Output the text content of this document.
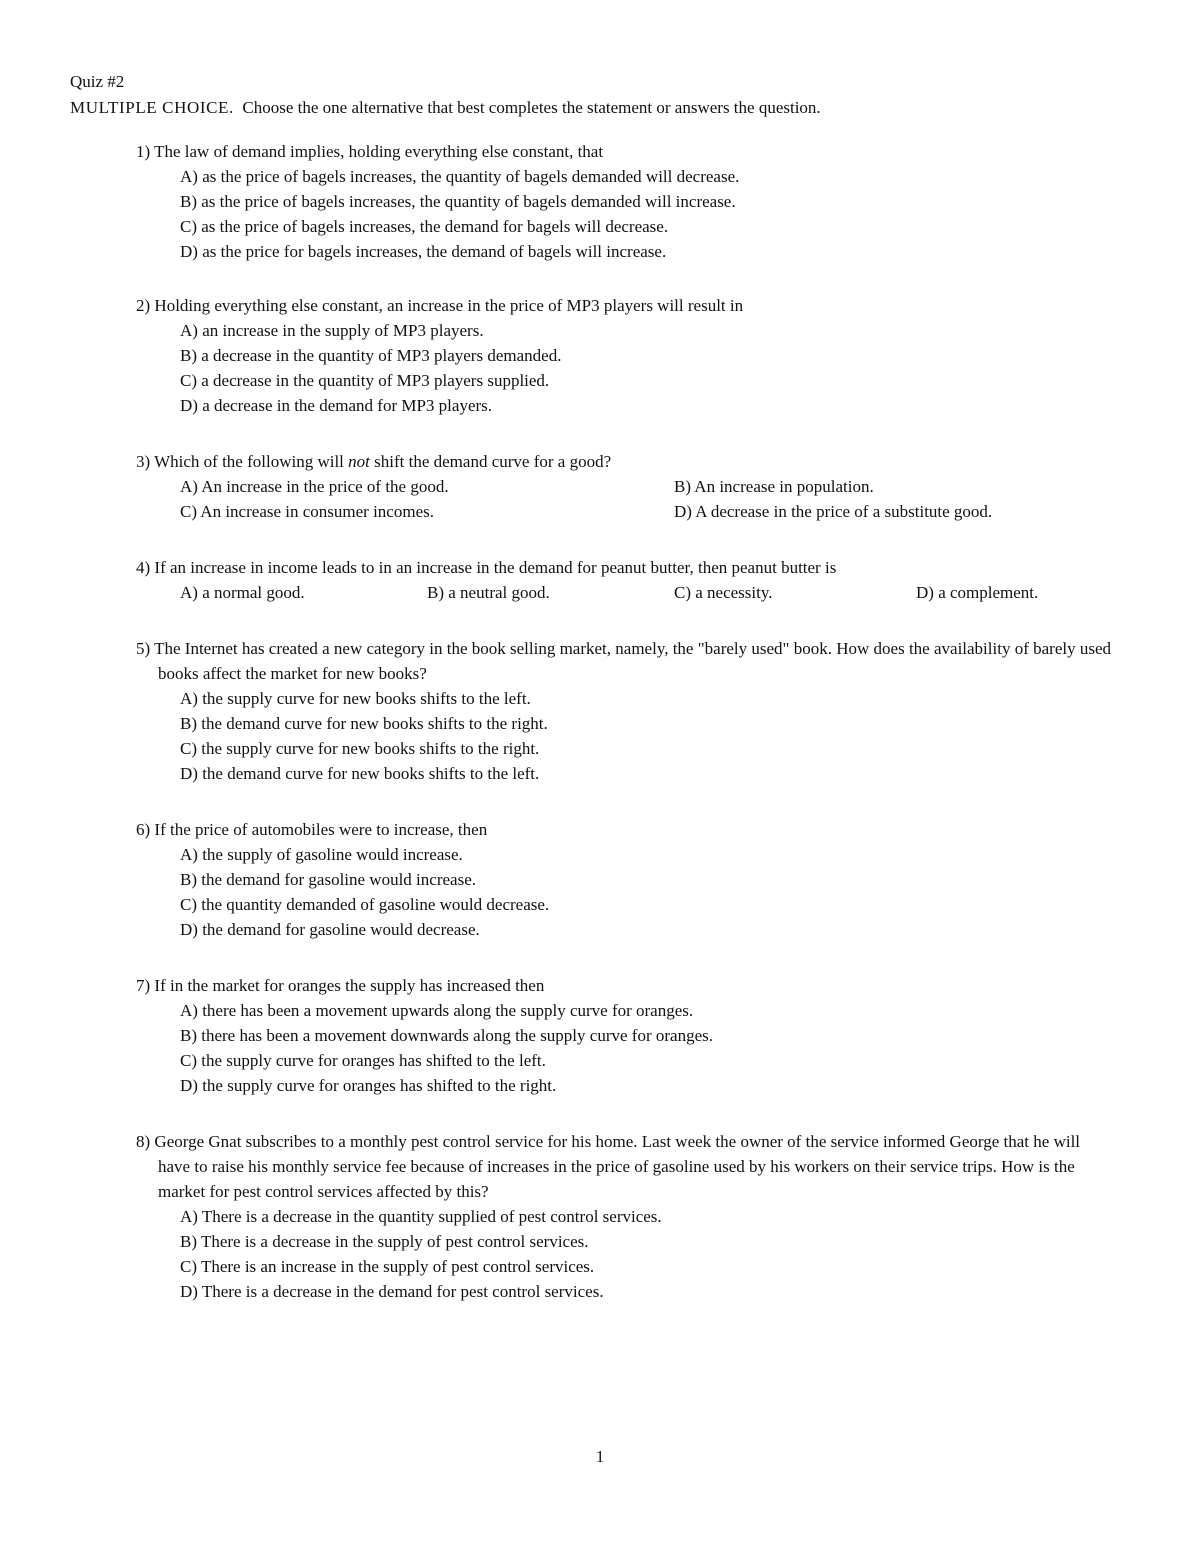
Quiz #2
MULTIPLE CHOICE. Choose the one alternative that best completes the statement or answers the question.
1) The law of demand implies, holding everything else constant, that
A) as the price of bagels increases, the quantity of bagels demanded will decrease.
B) as the price of bagels increases, the quantity of bagels demanded will increase.
C) as the price of bagels increases, the demand for bagels will decrease.
D) as the price for bagels increases, the demand of bagels will increase.
2) Holding everything else constant, an increase in the price of MP3 players will result in
A) an increase in the supply of MP3 players.
B) a decrease in the quantity of MP3 players demanded.
C) a decrease in the quantity of MP3 players supplied.
D) a decrease in the demand for MP3 players.
3) Which of the following will not shift the demand curve for a good?
A) An increase in the price of the good.	B) An increase in population.
C) An increase in consumer incomes.	D) A decrease in the price of a substitute good.
4) If an increase in income leads to in an increase in the demand for peanut butter, then peanut butter is
A) a normal good.	B) a neutral good.	C) a necessity.	D) a complement.
5) The Internet has created a new category in the book selling market, namely, the "barely used" book. How does the availability of barely used books affect the market for new books?
A) the supply curve for new books shifts to the left.
B) the demand curve for new books shifts to the right.
C) the supply curve for new books shifts to the right.
D) the demand curve for new books shifts to the left.
6) If the price of automobiles were to increase, then
A) the supply of gasoline would increase.
B) the demand for gasoline would increase.
C) the quantity demanded of gasoline would decrease.
D) the demand for gasoline would decrease.
7) If in the market for oranges the supply has increased then
A) there has been a movement upwards along the supply curve for oranges.
B) there has been a movement downwards along the supply curve for oranges.
C) the supply curve for oranges has shifted to the left.
D) the supply curve for oranges has shifted to the right.
8) George Gnat subscribes to a monthly pest control service for his home. Last week the owner of the service informed George that he will have to raise his monthly service fee because of increases in the price of gasoline used by his workers on their service trips. How is the market for pest control services affected by this?
A) There is a decrease in the quantity supplied of pest control services.
B) There is a decrease in the supply of pest control services.
C) There is an increase in the supply of pest control services.
D) There is a decrease in the demand for pest control services.
1
